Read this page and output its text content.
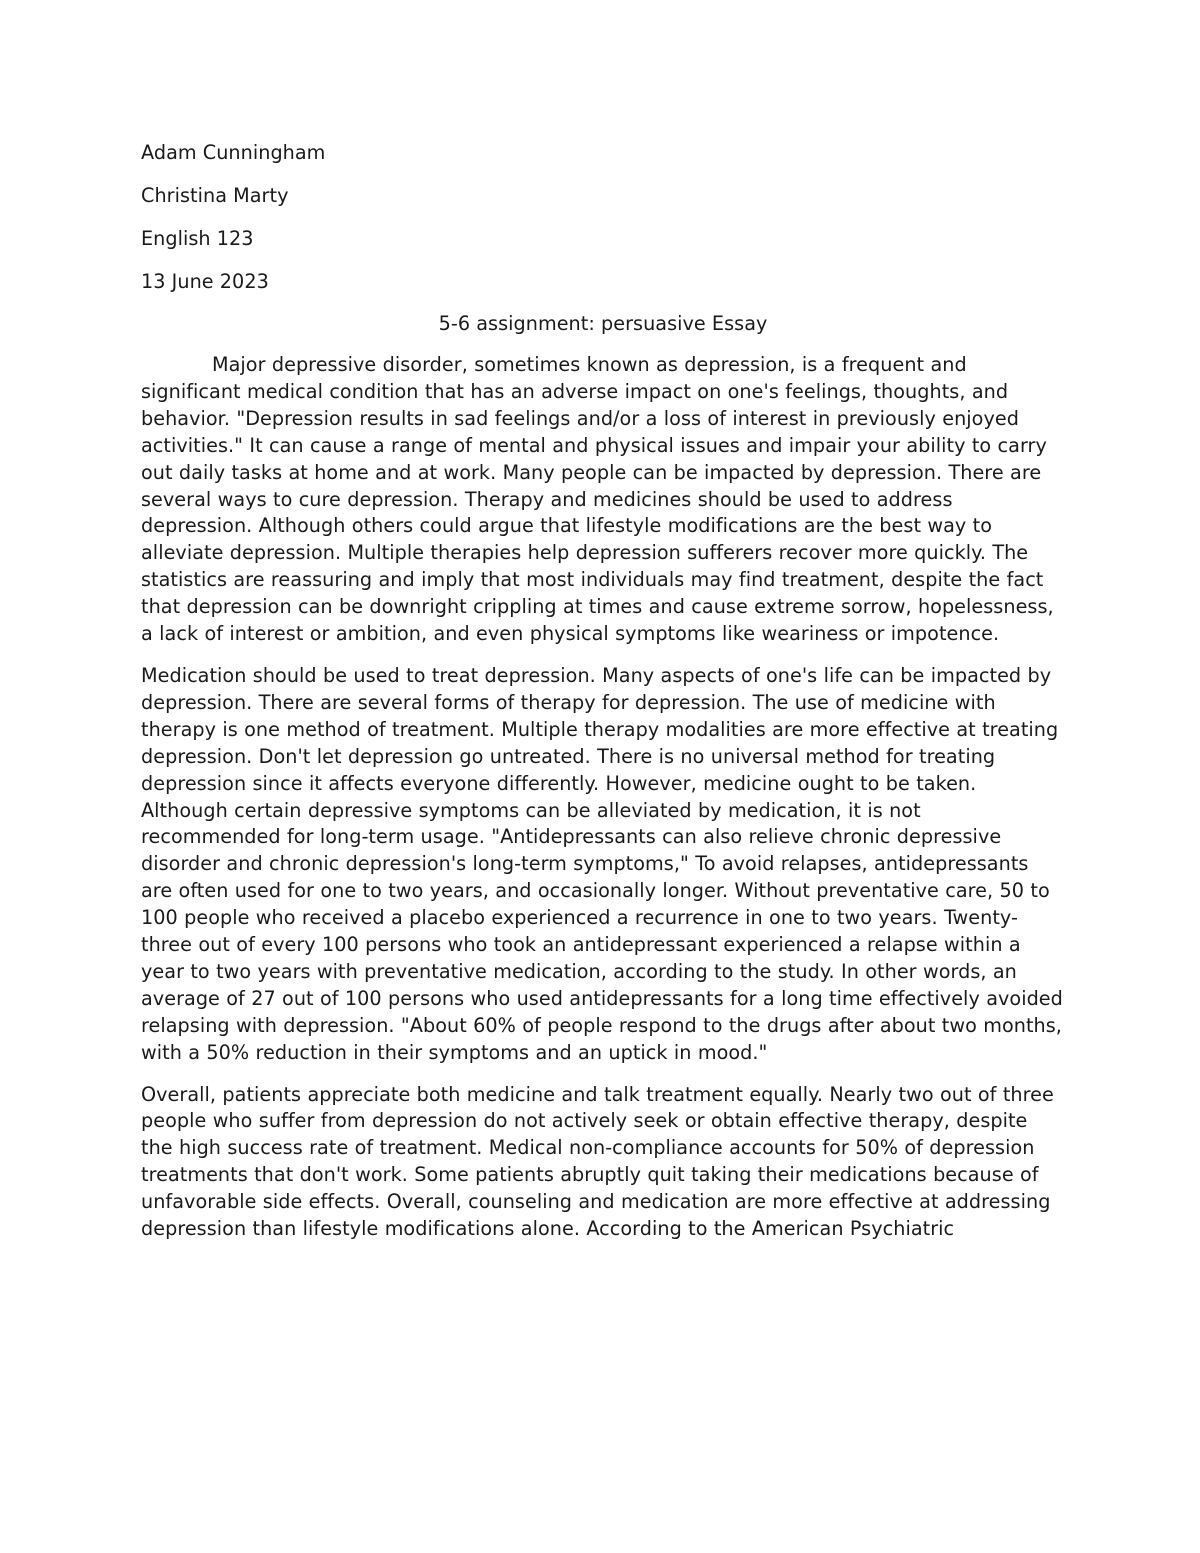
Adam Cunningham

Christina Marty

English 123

13 June 2023

5-6 assignment: persuasive Essay

Major depressive disorder, sometimes known as depression, is a frequent and significant medical condition that has an adverse impact on one's feelings, thoughts, and behavior. "Depression results in sad feelings and/or a loss of interest in previously enjoyed activities." It can cause a range of mental and physical issues and impair your ability to carry out daily tasks at home and at work. Many people can be impacted by depression. There are several ways to cure depression. Therapy and medicines should be used to address depression. Although others could argue that lifestyle modifications are the best way to alleviate depression. Multiple therapies help depression sufferers recover more quickly. The statistics are reassuring and imply that most individuals may find treatment, despite the fact that depression can be downright crippling at times and cause extreme sorrow, hopelessness, a lack of interest or ambition, and even physical symptoms like weariness or impotence.

Medication should be used to treat depression. Many aspects of one's life can be impacted by depression. There are several forms of therapy for depression. The use of medicine with therapy is one method of treatment. Multiple therapy modalities are more effective at treating depression. Don't let depression go untreated. There is no universal method for treating depression since it affects everyone differently. However, medicine ought to be taken. Although certain depressive symptoms can be alleviated by medication, it is not recommended for long-term usage. "Antidepressants can also relieve chronic depressive disorder and chronic depression's long-term symptoms," To avoid relapses, antidepressants are often used for one to two years, and occasionally longer. Without preventative care, 50 to 100 people who received a placebo experienced a recurrence in one to two years. Twenty-three out of every 100 persons who took an antidepressant experienced a relapse within a year to two years with preventative medication, according to the study. In other words, an average of 27 out of 100 persons who used antidepressants for a long time effectively avoided relapsing with depression. "About 60% of people respond to the drugs after about two months, with a 50% reduction in their symptoms and an uptick in mood."

Overall, patients appreciate both medicine and talk treatment equally. Nearly two out of three people who suffer from depression do not actively seek or obtain effective therapy, despite the high success rate of treatment. Medical non-compliance accounts for 50% of depression treatments that don't work. Some patients abruptly quit taking their medications because of unfavorable side effects. Overall, counseling and medication are more effective at addressing depression than lifestyle modifications alone. According to the American Psychiatric
